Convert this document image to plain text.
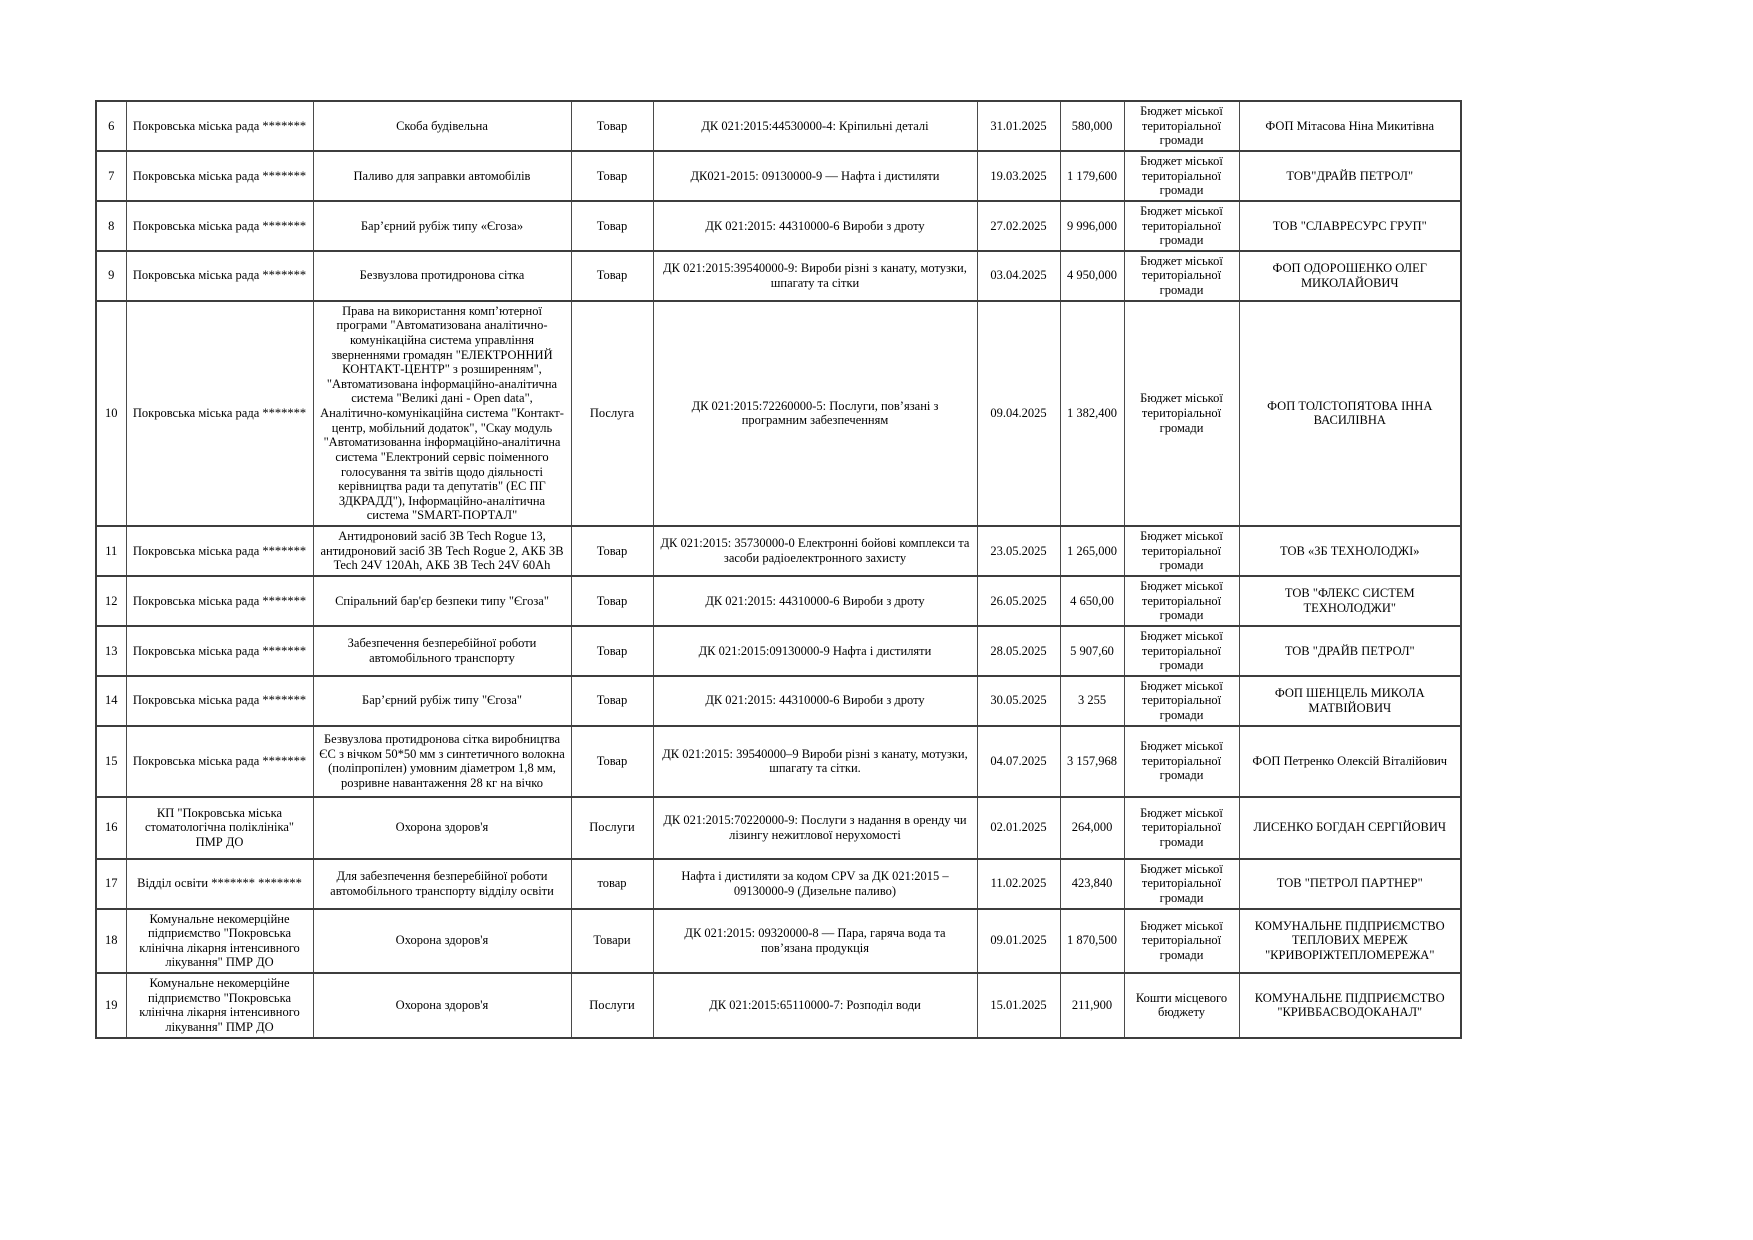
6	Покровська міська рада *******	Скоба будівельна	Товар	ДК 021:2015:44530000-4: Кріпильні деталі	31.01.2025	580,000	Бюджет міської територіальної громади	ФОП Мітасова Ніна Микитівна
7	Покровська міська рада *******	Паливо для заправки автомобілів	Товар	ДК021-2015: 09130000-9 — Нафта і дистиляти	19.03.2025	1 179,600	Бюджет міської територіальної громади	ТОВ"ДРАЙВ ПЕТРОЛ"
8	Покровська міська рада *******	Бар’єрний рубіж типу «Єгоза»	Товар	ДК 021:2015: 44310000-6 Вироби з дроту	27.02.2025	9 996,000	Бюджет міської територіальної громади	ТОВ "СЛАВРЕСУРС ГРУП"
9	Покровська міська рада *******	Безвузлова протидронова сітка	Товар	ДК 021:2015:39540000-9: Вироби різні з канату, мотузки, шпагату та сітки	03.04.2025	4 950,000	Бюджет міської територіальної громади	ФОП ОДОРОШЕНКО ОЛЕГ МИКОЛАЙОВИЧ
10	Покровська міська рада *******	Права на використання комп’ютерної програми "Автоматизована аналітично-комунікаційна система управління зверненнями громадян "ЕЛЕКТРОННИЙ КОНТАКТ-ЦЕНТР" з розширенням", "Автоматизована інформаційно-аналітична система "Великі дані - Open data", Аналітично-комунікаційна система "Контакт-центр, мобільний додаток", "Скау модуль "Автоматизованна інформаційно-аналітична система "Електроний сервіс поіменного голосування та звітів щодо діяльності керівництва ради та депутатів" (ЕС ПГ ЗДКРАДД"), Інформаційно-аналітична система "SMART-ПОРТАЛ"	Послуга	ДК 021:2015:72260000-5: Послуги, пов’язані з програмним забезпеченням	09.04.2025	1 382,400	Бюджет міської територіальної громади	ФОП ТОЛСТОПЯТОВА ІННА ВАСИЛІВНА
11	Покровська міська рада *******	Антидроновий засіб ЗВ Tech Rogue 13, антидроновий засіб ЗВ Tech Rogue 2, АКБ ЗВ Tech 24V 120Ah, АКБ ЗВ Tech 24V 60Ah	Товар	ДК 021:2015: 35730000-0 Електронні бойові комплекси та засоби радіоелектронного захисту	23.05.2025	1 265,000	Бюджет міської територіальної громади	ТОВ «ЗБ ТЕХНОЛОДЖІ»
12	Покровська міська рада *******	Спіральний бар'єр безпеки типу "Єгоза"	Товар	ДК 021:2015: 44310000-6 Вироби з дроту	26.05.2025	4 650,00	Бюджет міської територіальної громади	ТОВ "ФЛЕКС СИСТЕМ ТЕХНОЛОДЖИ"
13	Покровська міська рада *******	Забезпечення безперебійної роботи автомобільного транспорту	Товар	ДК 021:2015:09130000-9 Нафта і дистиляти	28.05.2025	5 907,60	Бюджет міської територіальної громади	ТОВ "ДРАЙВ ПЕТРОЛ"
14	Покровська міська рада *******	Бар’єрний рубіж типу "Єгоза"	Товар	ДК 021:2015: 44310000-6 Вироби з дроту	30.05.2025	3 255	Бюджет міської територіальної громади	ФОП ШЕНЦЕЛЬ МИКОЛА МАТВІЙОВИЧ
15	Покровська міська рада *******	Безвузлова протидронова сітка виробництва ЄС з вічком 50*50 мм з синтетичного волокна (поліпропілен) умовним діаметром 1,8 мм, розривне навантаження 28 кг на вічко	Товар	ДК 021:2015: 39540000–9 Вироби різні з канату, мотузки, шпагату та сітки.	04.07.2025	3 157,968	Бюджет міської територіальної громади	ФОП Петренко Олексій Віталійович
16	КП "Покровська міська стоматологічна поліклініка" ПМР ДО	Охорона здоров'я	Послуги	ДК 021:2015:70220000-9: Послуги з надання в оренду чи лізингу нежитлової нерухомості	02.01.2025	264,000	Бюджет міської територіальної громади	ЛИСЕНКО БОГДАН СЕРГІЙОВИЧ
17	Відділ освіти ******* *******	Для забезпечення безперебійної роботи автомобільного транспорту відділу освіти	товар	Нафта і дистиляти за кодом CPV за ДК 021:2015 – 09130000-9 (Дизельне паливо)	11.02.2025	423,840	Бюджет міської територіальної громади	ТОВ "ПЕТРОЛ ПАРТНЕР"
18	Комунальне некомерційне підприємство "Покровська клінічна лікарня інтенсивного лікування" ПМР ДО	Охорона здоров'я	Товари	ДК 021:2015: 09320000-8 — Пара, гаряча вода та пов’язана продукція	09.01.2025	1 870,500	Бюджет міської територіальної громади	КОМУНАЛЬНЕ ПІДПРИЄМСТВО ТЕПЛОВИХ МЕРЕЖ "КРИВОРІЖТЕПЛОМЕРЕЖА"
19	Комунальне некомерційне підприємство "Покровська клінічна лікарня інтенсивного лікування" ПМР ДО	Охорона здоров'я	Послуги	ДК 021:2015:65110000-7: Розподіл води	15.01.2025	211,900	Кошти місцевого бюджету	КОМУНАЛЬНЕ ПІДПРИЄМСТВО "КРИВБАСВОДОКАНАЛ"
